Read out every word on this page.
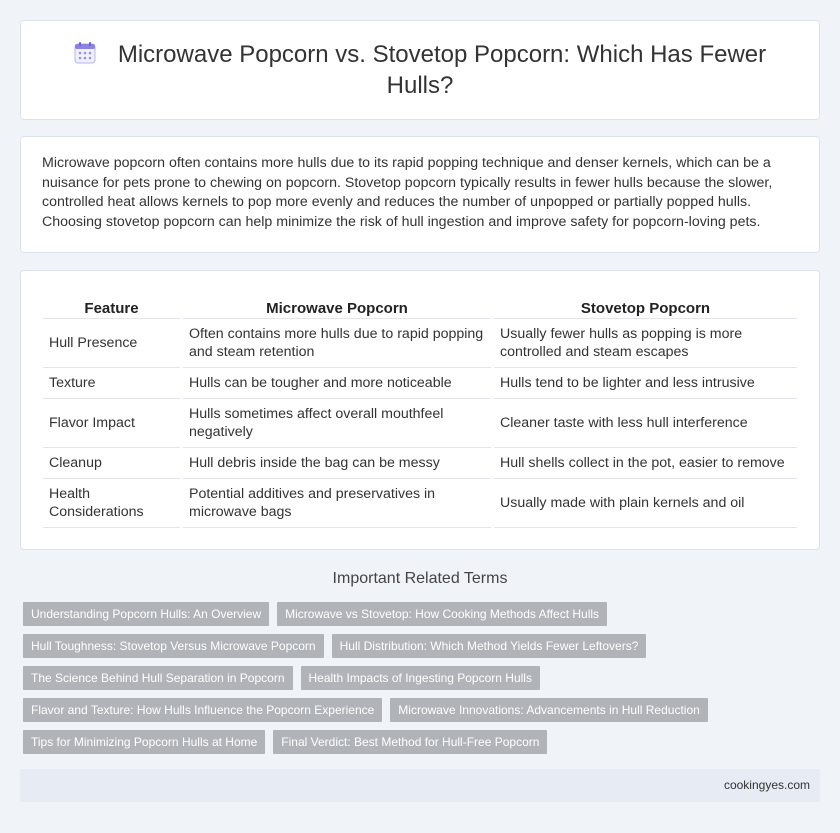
Microwave Popcorn vs. Stovetop Popcorn: Which Has Fewer Hulls?

Microwave popcorn often contains more hulls due to its rapid popping technique and denser kernels, which can be a nuisance for pets prone to chewing on popcorn. Stovetop popcorn typically results in fewer hulls because the slower, controlled heat allows kernels to pop more evenly and reduces the number of unpopped or partially popped hulls. Choosing stovetop popcorn can help minimize the risk of hull ingestion and improve safety for popcorn-loving pets.

Feature	Microwave Popcorn	Stovetop Popcorn
Hull Presence	Often contains more hulls due to rapid popping and steam retention	Usually fewer hulls as popping is more controlled and steam escapes
Texture	Hulls can be tougher and more noticeable	Hulls tend to be lighter and less intrusive
Flavor Impact	Hulls sometimes affect overall mouthfeel negatively	Cleaner taste with less hull interference
Cleanup	Hull debris inside the bag can be messy	Hull shells collect in the pot, easier to remove
Health Considerations	Potential additives and preservatives in microwave bags	Usually made with plain kernels and oil
Important Related Terms
Understanding Popcorn Hulls: An Overview	Microwave vs Stovetop: How Cooking Methods Affect Hulls
Hull Toughness: Stovetop Versus Microwave Popcorn	Hull Distribution: Which Method Yields Fewer Leftovers?
The Science Behind Hull Separation in Popcorn	Health Impacts of Ingesting Popcorn Hulls
Flavor and Texture: How Hulls Influence the Popcorn Experience	Microwave Innovations: Advancements in Hull Reduction
Tips for Minimizing Popcorn Hulls at Home	Final Verdict: Best Method for Hull-Free Popcorn
cookingyes.com
